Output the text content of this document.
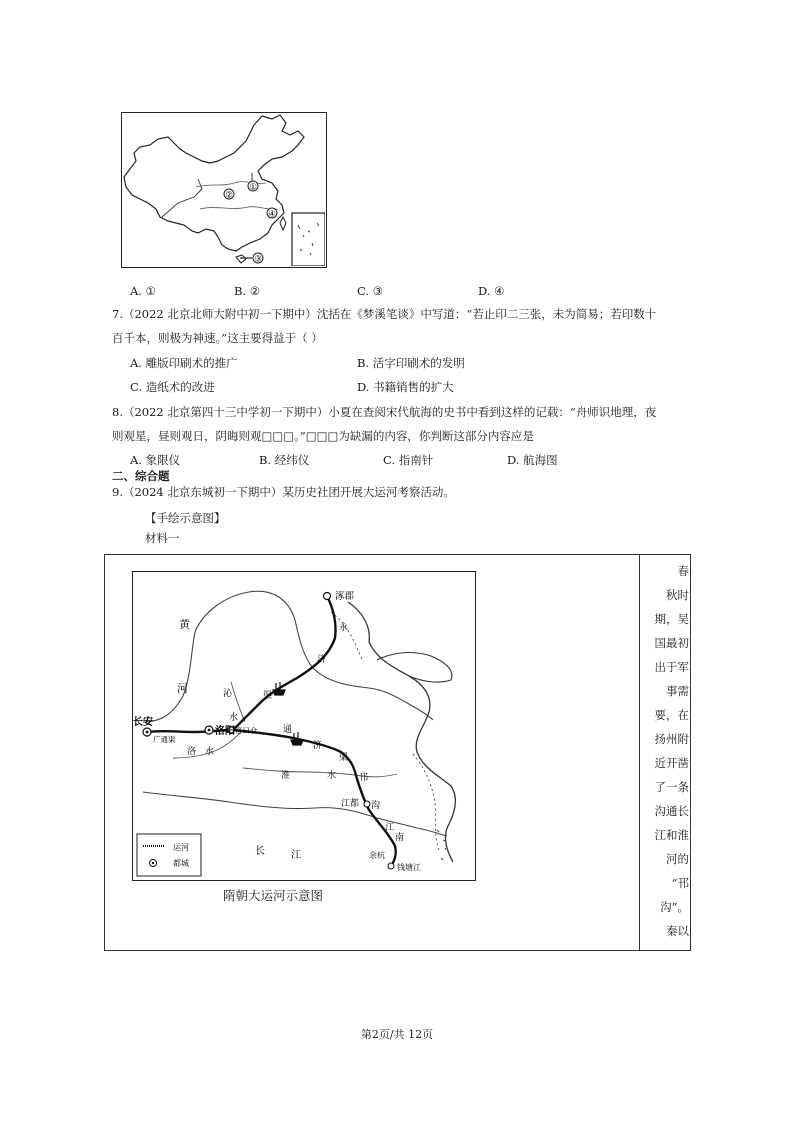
①
②
③
④
A. ①	B. ②	C. ③	D. ④
7.（2022 北京北师大附中初一下期中）沈括在《梦溪笔谈》中写道：“若止印二三张，未为简易；若印数十
百千本，则极为神速。”这主要得益于（ ）
A. 雕版印刷术的推广	B. 活字印刷术的发明
C. 造纸术的改进	D. 书籍销售的扩大
8.（2022 北京第四十三中学初一下期中）小夏在查阅宋代航海的史书中看到这样的记载：“舟师识地理，夜
则观星，昼则观日，阴晦则观□□□。”□□□为缺漏的内容，你判断这部分内容应是
A. 象限仪	B. 经纬仪	C. 指南针	D. 航海图
二、综合题
9.（2024 北京东城初一下期中）某历史社团开展大运河考察活动。
【手绘示意图】
材料一
涿郡
黄
河
永
济
沁
水
渠
通
济
渠
长安
广通渠
洛阳 洛口仓
洛 水
淮	水
江都
邗
沟
江
南
运河
都城
余杭
钱塘江
长	江
隋朝大运河示意图
春
秋时
期，吴
国最初
出于军
事需
要，在
扬州附
近开凿
了一条
沟通长
江和淮
河的
“邗
沟”。
秦以
第2页/共 12页
